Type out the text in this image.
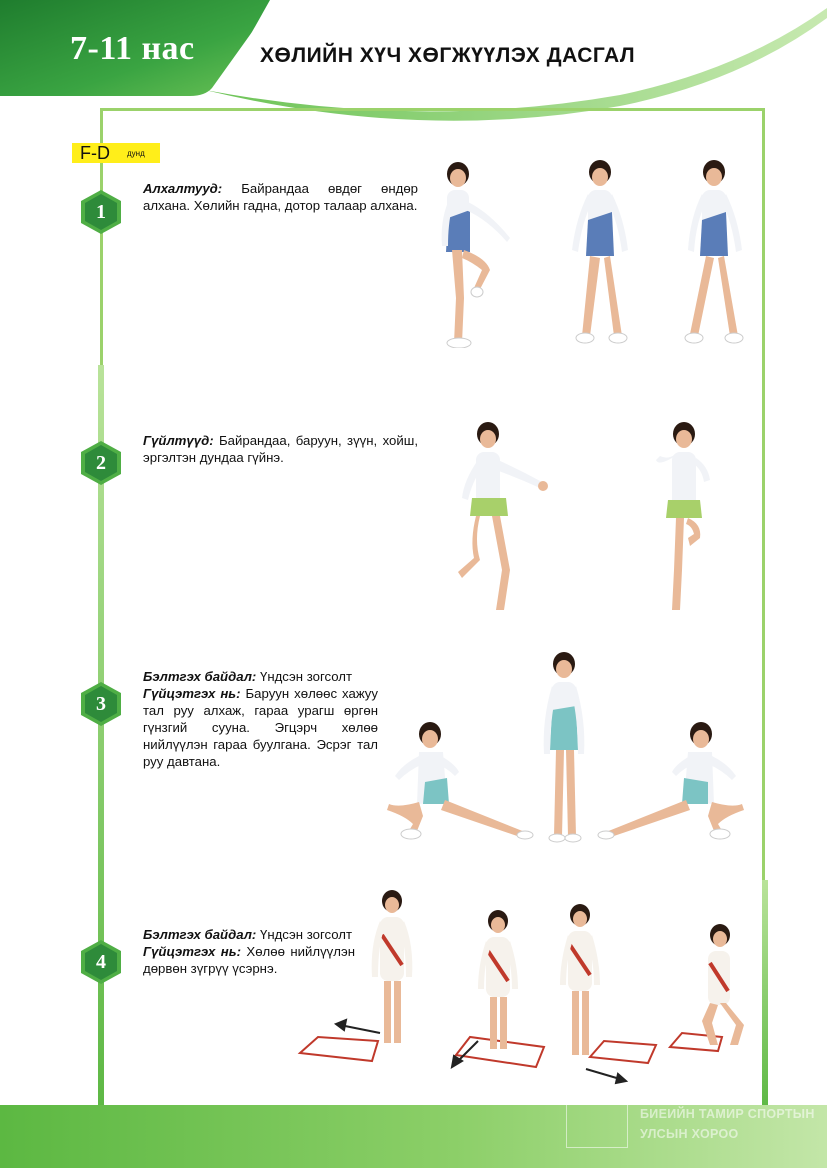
7-11 нас	ХӨЛИЙН ХҮЧ ХӨГЖҮҮЛЭХ ДАСГАЛ
F-D дунд
1
Алхалтууд: Байрандаа өвдөг өндөр алхана. Хөлийн гадна, дотор талаар алхана.
2
Гүйлтүүд: Байрандаа, баруун, зүүн, хойш, эргэлтэн дундаа гүйнэ.
3
Бэлтгэх байдал: Үндсэн зогсолт
Гүйцэтгэх нь: Баруун хөлөөс хажуу тал руу алхаж, гараа урагш өргөн гүнзгий сууна. Эгцэрч хөлөө нийлүүлэн гараа буулгана. Эсрэг тал руу давтана.
4
Бэлтгэх байдал: Үндсэн зогсолт
Гүйцэтгэх нь: Хөлөө нийлүүлэн дөрвөн зүгрүү үсэрнэ.
БИЕИЙН ТАМИР СПОРТЫН
УЛСЫН ХОРОО
